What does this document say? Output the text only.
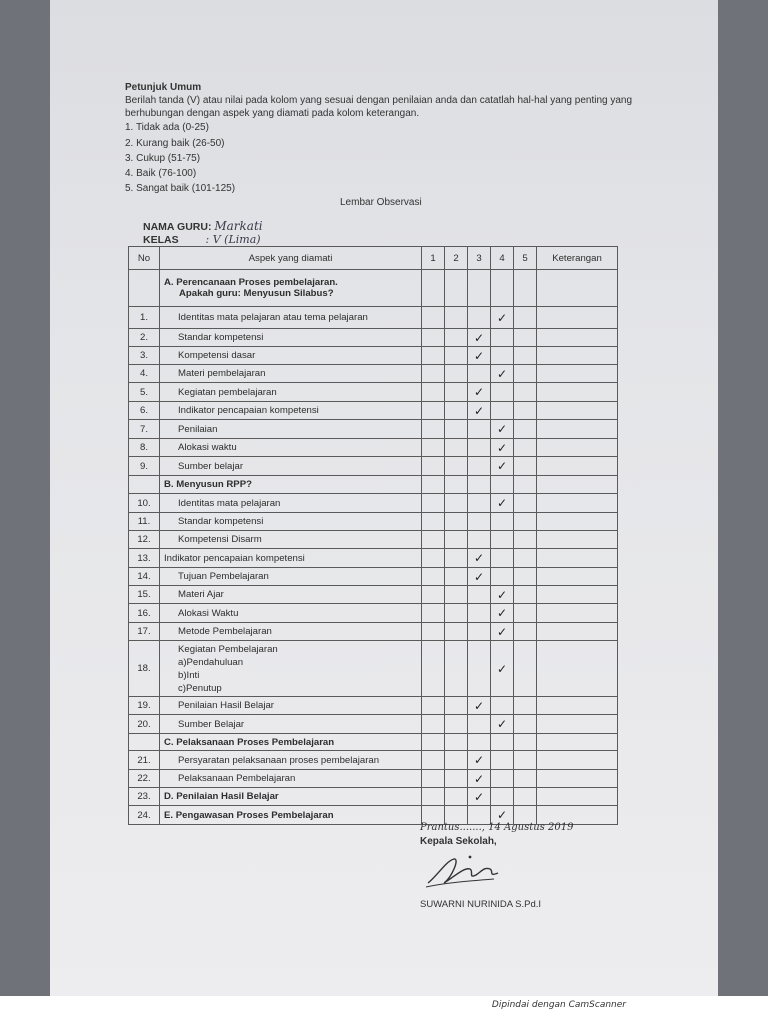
Petunjuk Umum
Berilah tanda (V) atau nilai pada kolom yang sesuai dengan penilaian anda dan catatlah hal-hal yang penting yang
berhubungan dengan aspek yang diamati pada kolom keterangan.
1. Tidak ada (0-25)
2. Kurang baik (26-50)
3. Cukup (51-75)
4. Baik (76-100)
5. Sangat baik (101-125)
Lembar Observasi
NAMA GURU: Markati
KELAS : V (Lima)
No	Aspek yang diamati	1	2	3	4	5	Keterangan
	A. Perencanaan Proses pembelajaran.
Apakah guru: Menyusun Silabus?						
1.	Identitas mata pelajaran atau tema pelajaran				✓		
2.	Standar kompetensi			✓			
3.	Kompetensi dasar			✓			
4.	Materi pembelajaran				✓		
5.	Kegiatan pembelajaran			✓			
6.	Indikator pencapaian kompetensi			✓			
7.	Penilaian				✓		
8.	Alokasi waktu				✓		
9.	Sumber belajar				✓		
	B. Menyusun RPP?						
10.	Identitas mata pelajaran				✓		
11.	Standar kompetensi						
12.	Kompetensi Disarm						
13.	Indikator pencapaian kompetensi			✓			
14.	Tujuan Pembelajaran			✓			
15.	Materi Ajar				✓		
16.	Alokasi Waktu				✓		
17.	Metode Pembelajaran				✓		
18.	Kegiatan Pembelajaran
a)Pendahuluan
b)Inti
c)Penutup				✓		
19.	Penilaian Hasil Belajar			✓			
20.	Sumber Belajar				✓		
	C. Pelaksanaan Proses Pembelajaran						
21.	Persyaratan pelaksanaan proses pembelajaran			✓			
22.	Pelaksanaan Pembelajaran			✓			
23.	D. Penilaian Hasil Belajar			✓			
24.	E. Pengawasan Proses Pembelajaran				✓		
Prantus......., 14 Agustus 2019
Kepala Sekolah,
SUWARNI NURINIDA S.Pd.I
Dipindai dengan CamScanner
